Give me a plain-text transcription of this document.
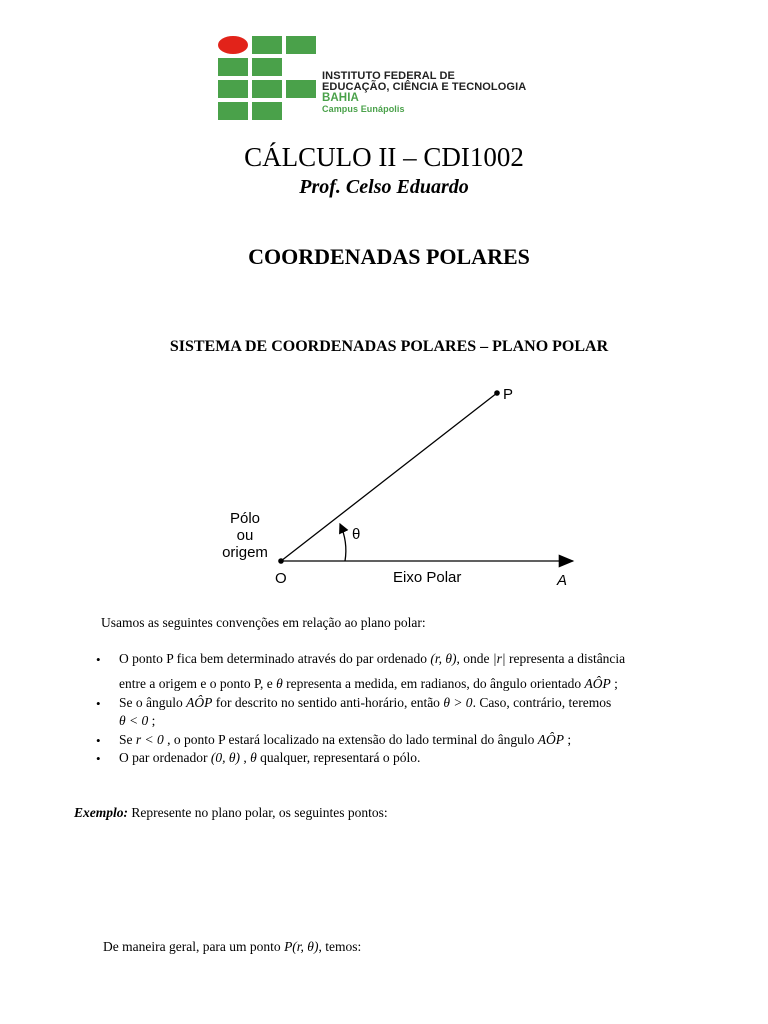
INSTITUTO FEDERAL DE
EDUCAÇÃO, CIÊNCIA E TECNOLOGIA
BAHIA
Campus Eunápolis
CÁLCULO II – CDI1002
Prof. Celso Eduardo
COORDENADAS POLARES
SISTEMA DE COORDENADAS POLARES – PLANO POLAR
P
θ
Pólo
ou
origem
O	Eixo Polar	A
Usamos as seguintes convenções em relação ao plano polar:
• O ponto P fica bem determinado através do par ordenado (r, θ), onde |r| representa a distância
entre a origem e o ponto P, e θ representa a medida, em radianos, do ângulo orientado AÔP ;
• Se o ângulo AÔP for descrito no sentido anti-horário, então θ > 0. Caso, contrário, teremos
θ < 0 ;
• Se r < 0 , o ponto P estará localizado na extensão do lado terminal do ângulo AÔP ;
• O par ordenador (0, θ) , θ qualquer, representará o pólo.
Exemplo: Represente no plano polar, os seguintes pontos:
De maneira geral, para um ponto P(r, θ), temos:
